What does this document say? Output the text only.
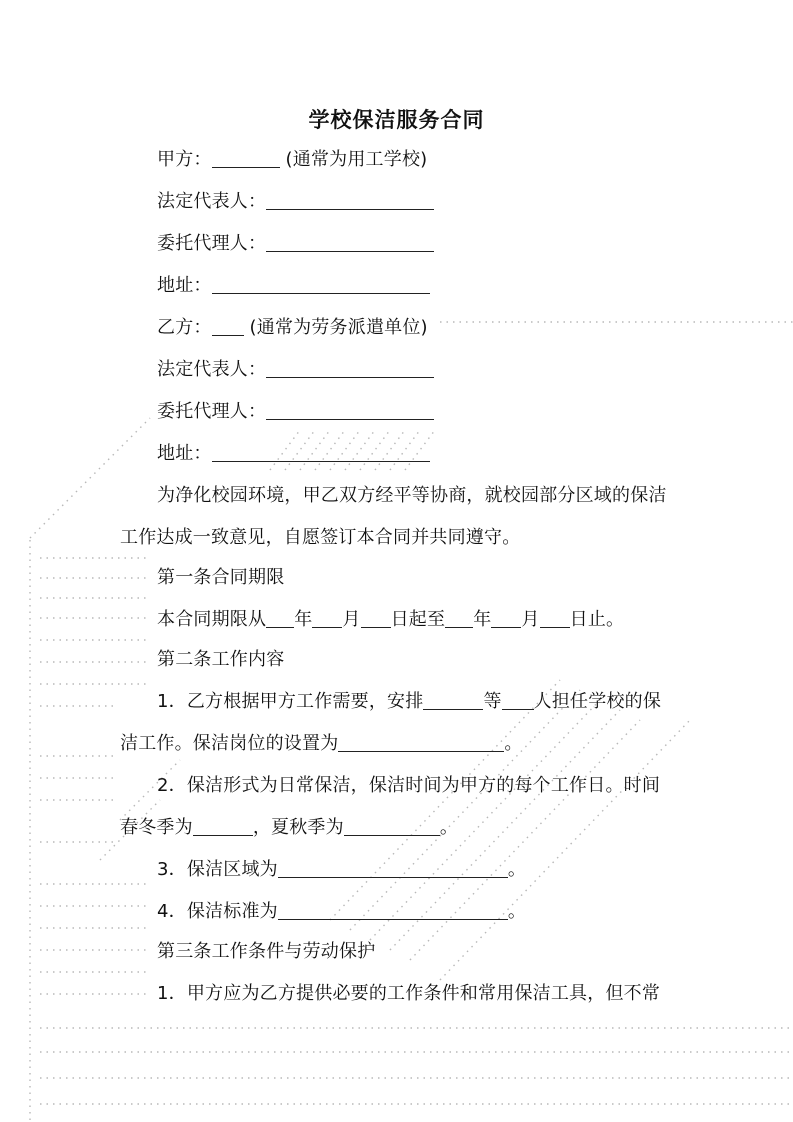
学校保洁服务合同
甲方：	(通常为用工学校)
法定代表人：
委托代理人：
地址：
乙方： (通常为劳务派遣单位)
法定代表人：
委托代理人：
地址：
为净化校园环境，甲乙双方经平等协商，就校园部分区域的保洁
工作达成一致意见，自愿签订本合同并共同遵守。
第一条合同期限
本合同期限从 年 月 日起至 年 月 日止。
第二条工作内容
1．乙方根据甲方工作需要，安排	等 人担任学校的保
洁工作。保洁岗位的设置为	。
2．保洁形式为日常保洁，保洁时间为甲方的每个工作日。时间
春冬季为	，夏秋季为	。
3．保洁区域为	。
4．保洁标准为	。
第三条工作条件与劳动保护
1．甲方应为乙方提供必要的工作条件和常用保洁工具，但不常
